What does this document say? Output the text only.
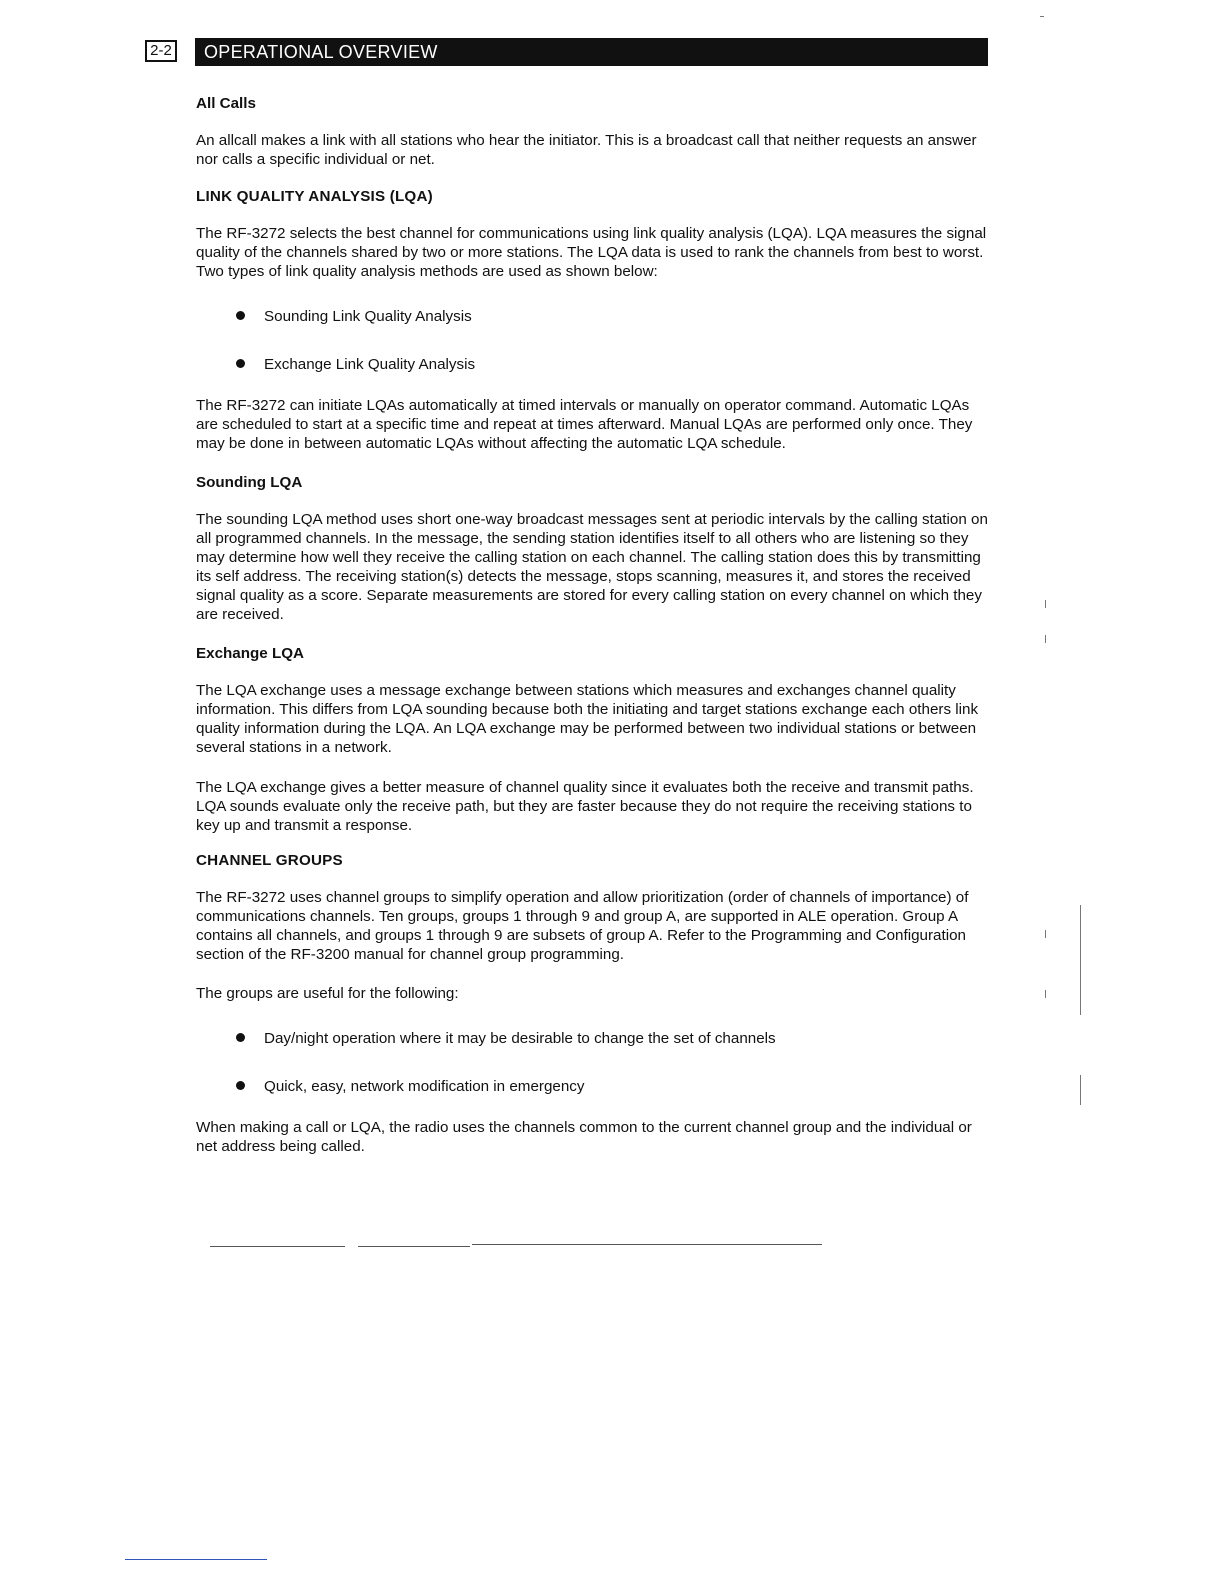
2-2	OPERATIONAL OVERVIEW
All Calls

An allcall makes a link with all stations who hear the initiator. This is a broadcast call that neither requests an answer nor calls a specific individual or net.

LINK QUALITY ANALYSIS (LQA)

The RF-3272 selects the best channel for communications using link quality analysis (LQA). LQA measures the signal quality of the channels shared by two or more stations. The LQA data is used to rank the channels from best to worst. Two types of link quality analysis methods are used as shown below:

Sounding Link Quality Analysis
Exchange Link Quality Analysis

The RF-3272 can initiate LQAs automatically at timed intervals or manually on operator command. Automatic LQAs are scheduled to start at a specific time and repeat at times afterward. Manual LQAs are performed only once. They may be done in between automatic LQAs without affecting the automatic LQA schedule.

Sounding LQA

The sounding LQA method uses short one-way broadcast messages sent at periodic intervals by the calling station on all programmed channels. In the message, the sending station identifies itself to all others who are listening so they may determine how well they receive the calling station on each channel. The calling station does this by transmitting its self address. The receiving station(s) detects the message, stops scanning, measures it, and stores the received signal quality as a score. Separate measurements are stored for every calling station on every channel on which they are received.

Exchange LQA

The LQA exchange uses a message exchange between stations which measures and exchanges channel quality information. This differs from LQA sounding because both the initiating and target stations exchange each others link quality information during the LQA. An LQA exchange may be performed between two individual stations or between several stations in a network.

The LQA exchange gives a better measure of channel quality since it evaluates both the receive and transmit paths. LQA sounds evaluate only the receive path, but they are faster because they do not require the receiving stations to key up and transmit a response.

CHANNEL GROUPS

The RF-3272 uses channel groups to simplify operation and allow prioritization (order of channels of importance) of communications channels. Ten groups, groups 1 through 9 and group A, are supported in ALE operation. Group A contains all channels, and groups 1 through 9 are subsets of group A. Refer to the Programming and Configuration section of the RF-3200 manual for channel group programming.

The groups are useful for the following:

Day/night operation where it may be desirable to change the set of channels
Quick, easy, network modification in emergency

When making a call or LQA, the radio uses the channels common to the current channel group and the individual or net address being called.
